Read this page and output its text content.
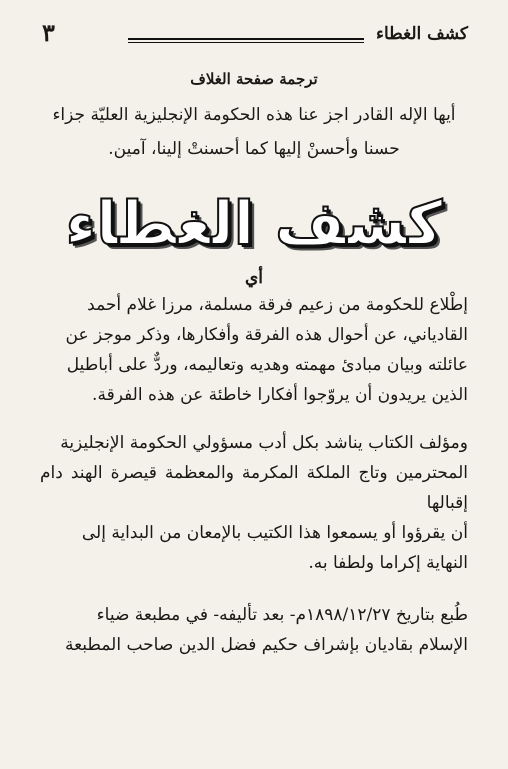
كشف الغطاء
٣
ترجمة صفحة الغلاف
أيها الإله القادر اجز عنا هذه الحكومة الإنجليزية العليّة جزاء
حسنا وأحسنْ إليها كما أحسنتْ إلينا، آمين.
كشف الغطاء
أي
إطْلاع للحكومة من زعيم فرقة مسلمة، مرزا غلام أحمد
القادياني، عن أحوال هذه الفرقة وأفكارها، وذكر موجز عن
عائلته وبيان مبادئ مهمته وهديه وتعاليمه، وردٌّ على أباطيل
الذين يريدون أن يروّجوا أفكارا خاطئة عن هذه الفرقة.
ومؤلف الكتاب يناشد بكل أدب مسؤولي الحكومة الإنجليزية
المحترمين وتاج الملكة المكرمة والمعظمة قيصرة الهند دام إقبالها
أن يقرؤوا أو يسمعوا هذا الكتيب بالإمعان من البداية إلى
النهاية إكراما ولطفا به.
طُبع بتاريخ ١٨٩٨/١٢/٢٧م- بعد تأليفه- في مطبعة ضياء
الإسلام بقاديان بإشراف حكيم فضل الدين صاحب المطبعة
